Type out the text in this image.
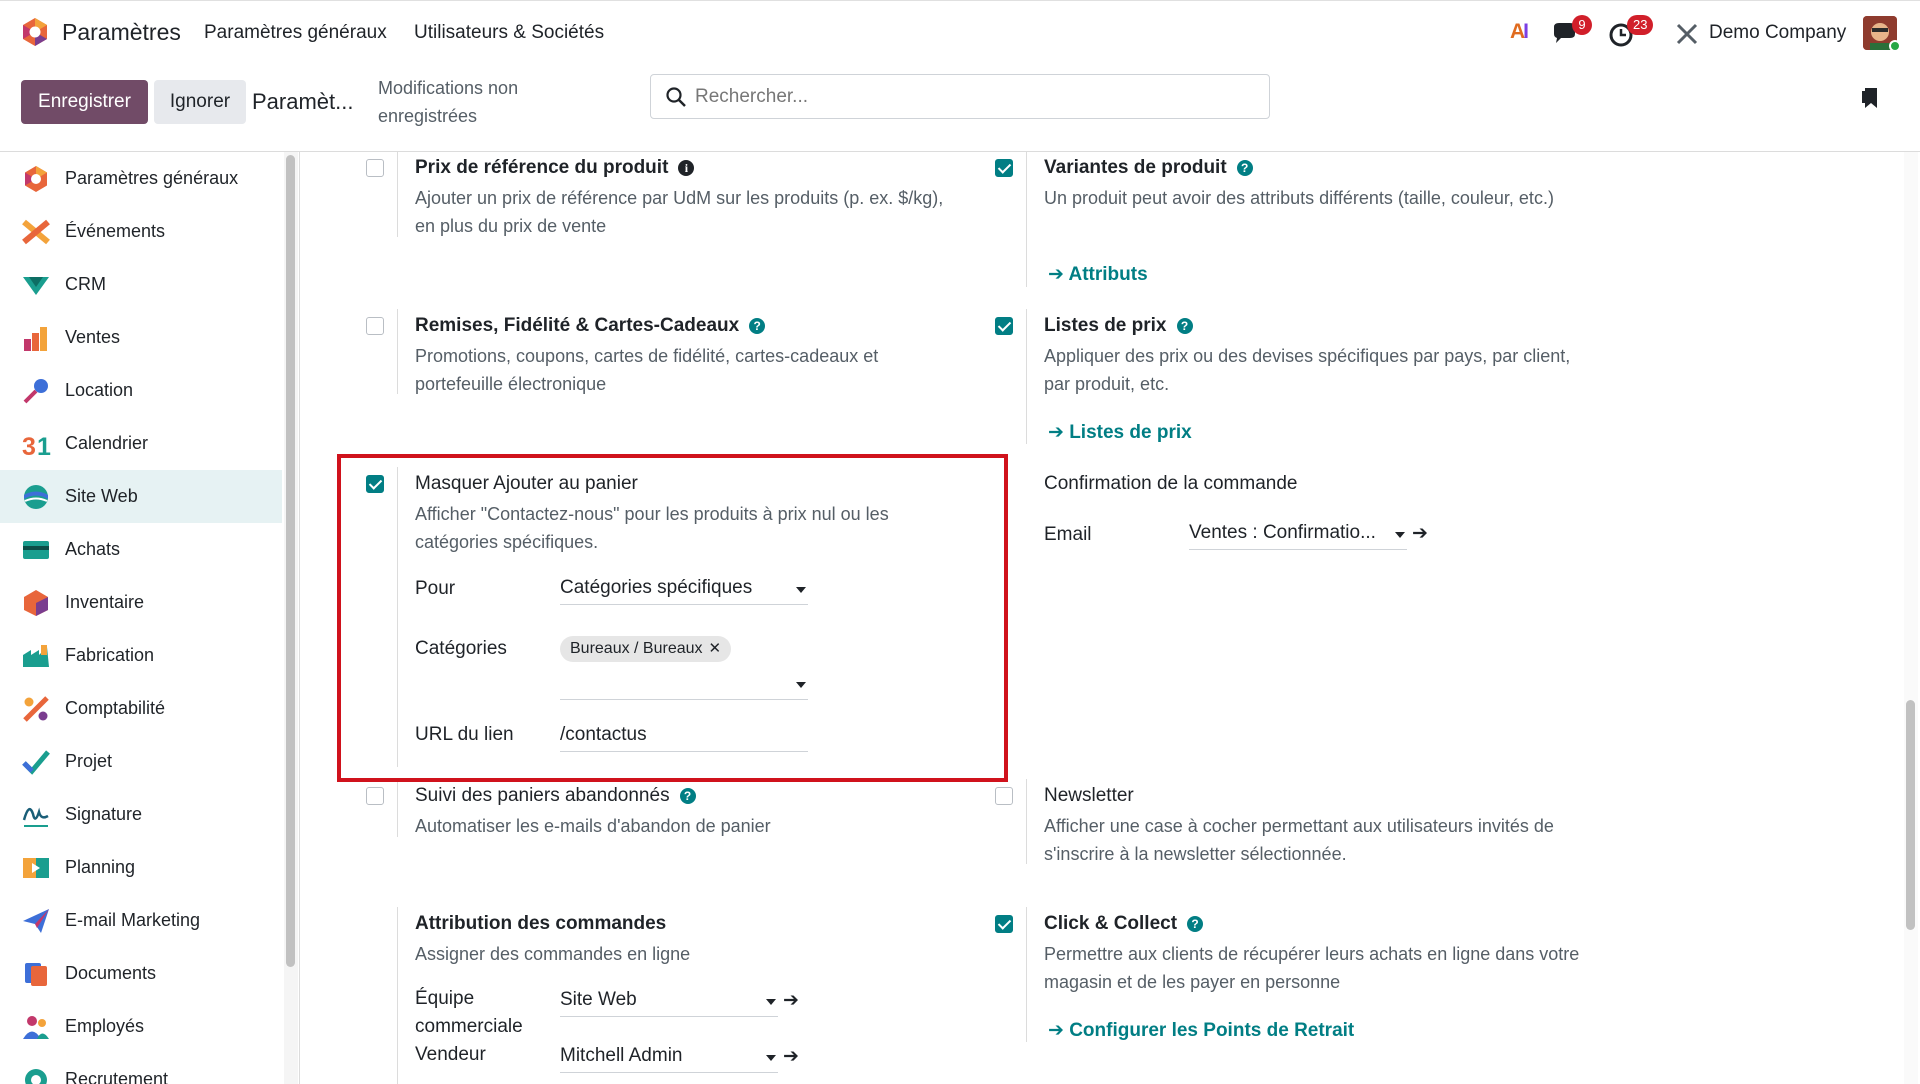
Paramètres Paramètres généraux Utilisateurs & Sociétés	AI	9	23	Demo Company
Enregistrer	Ignorer Paramèt...
Modifications non enregistrées
Rechercher...
Paramètres généraux
Événements
CRM
Ventes
Location
3 1 Calendrier
Site Web
Achats
Inventaire
Fabrication
Comptabilité
Projet
Signature
Planning
E-mail Marketing
Documents
Employés
Recrutement
Prix de référence du produit i
Ajouter un prix de référence par UdM sur les produits (p. ex. $/kg), en plus du prix de vente
Variantes de produit ?
Un produit peut avoir des attributs différents (taille, couleur, etc.)
➔ Attributs
Remises, Fidélité & Cartes-Cadeaux ?
Promotions, coupons, cartes de fidélité, cartes-cadeaux et portefeuille électronique
Listes de prix ?
Appliquer des prix ou des devises spécifiques par pays, par client, par produit, etc.
➔ Listes de prix
Masquer Ajouter au panier
Afficher "Contactez-nous" pour les produits à prix nul ou les catégories spécifiques.
Pour	Catégories spécifiques
Catégories	Bureaux / Bureaux ✕
URL du lien /contactus
Confirmation de la commande
Email	Ventes : Confirmatio...	➔
Suivi des paniers abandonnés ?
Automatiser les e-mails d'abandon de panier
Newsletter
Afficher une case à cocher permettant aux utilisateurs invités de s'inscrire à la newsletter sélectionnée.
Attribution des commandes
Assigner des commandes en ligne
Équipe commerciale
Site Web	➔
Vendeur	Mitchell Admin	➔
Click & Collect ?
Permettre aux clients de récupérer leurs achats en ligne dans votre magasin et de les payer en personne
➔ Configurer les Points de Retrait
